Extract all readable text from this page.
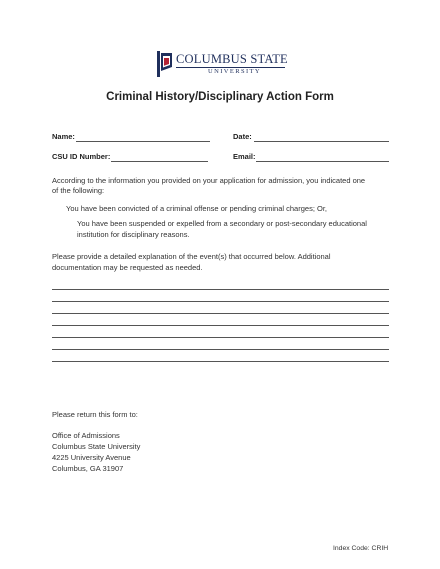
COLUMBUS STATE
UNIVERSITY
Criminal History/Disciplinary Action Form
Name:	Date:
CSU ID Number:	Email:
According to the information you provided on your application for admission, you indicated one
of the following:
You have been convicted of a criminal offense or pending criminal charges; Or,
You have been suspended or expelled from a secondary or post-secondary educational
institution for disciplinary reasons.
Please provide a detailed explanation of the event(s) that occurred below. Additional
documentation may be requested as needed.
Please return this form to:
Office of Admissions
Columbus State University
4225 University Avenue
Columbus, GA 31907
Index Code: CRIH
